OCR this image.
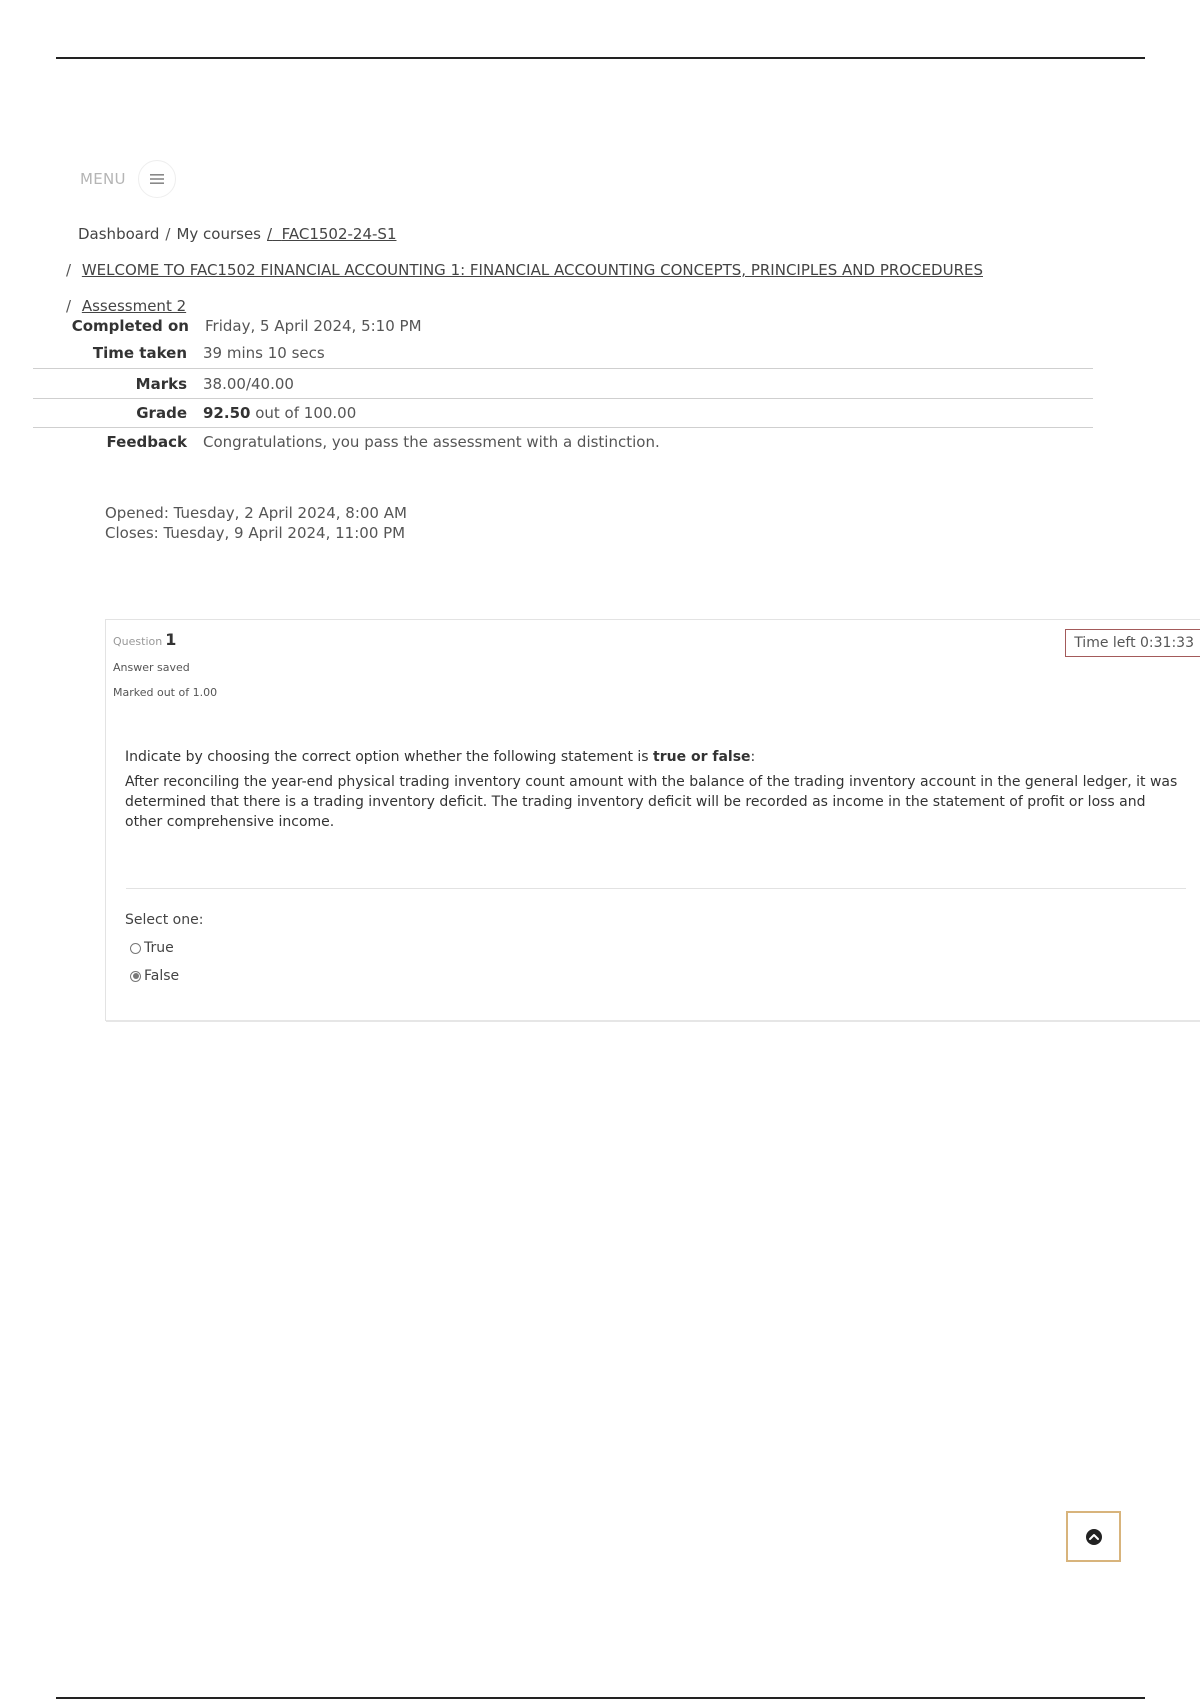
MENU
Dashboard / My courses / FAC1502-24-S1
/ WELCOME TO FAC1502 FINANCIAL ACCOUNTING 1: FINANCIAL ACCOUNTING CONCEPTS, PRINCIPLES AND PROCEDURES
/ Assessment 2
Completed on	Friday, 5 April 2024, 5:10 PM
Time taken	39 mins 10 secs
Marks	38.00/40.00
Grade	92.50 out of 100.00
Feedback	Congratulations, you pass the assessment with a distinction.
Opened: Tuesday, 2 April 2024, 8:00 AM
Closes: Tuesday, 9 April 2024, 11:00 PM
Question 1
Answer saved
Marked out of 1.00
Time left 0:31:33

Indicate by choosing the correct option whether the following statement is true or false:

After reconciling the year-end physical trading inventory count amount with the balance of the trading inventory account in the general ledger, it was determined that there is a trading inventory deficit. The trading inventory deficit will be recorded as income in the statement of profit or loss and other comprehensive income.

Select one:
True
False
